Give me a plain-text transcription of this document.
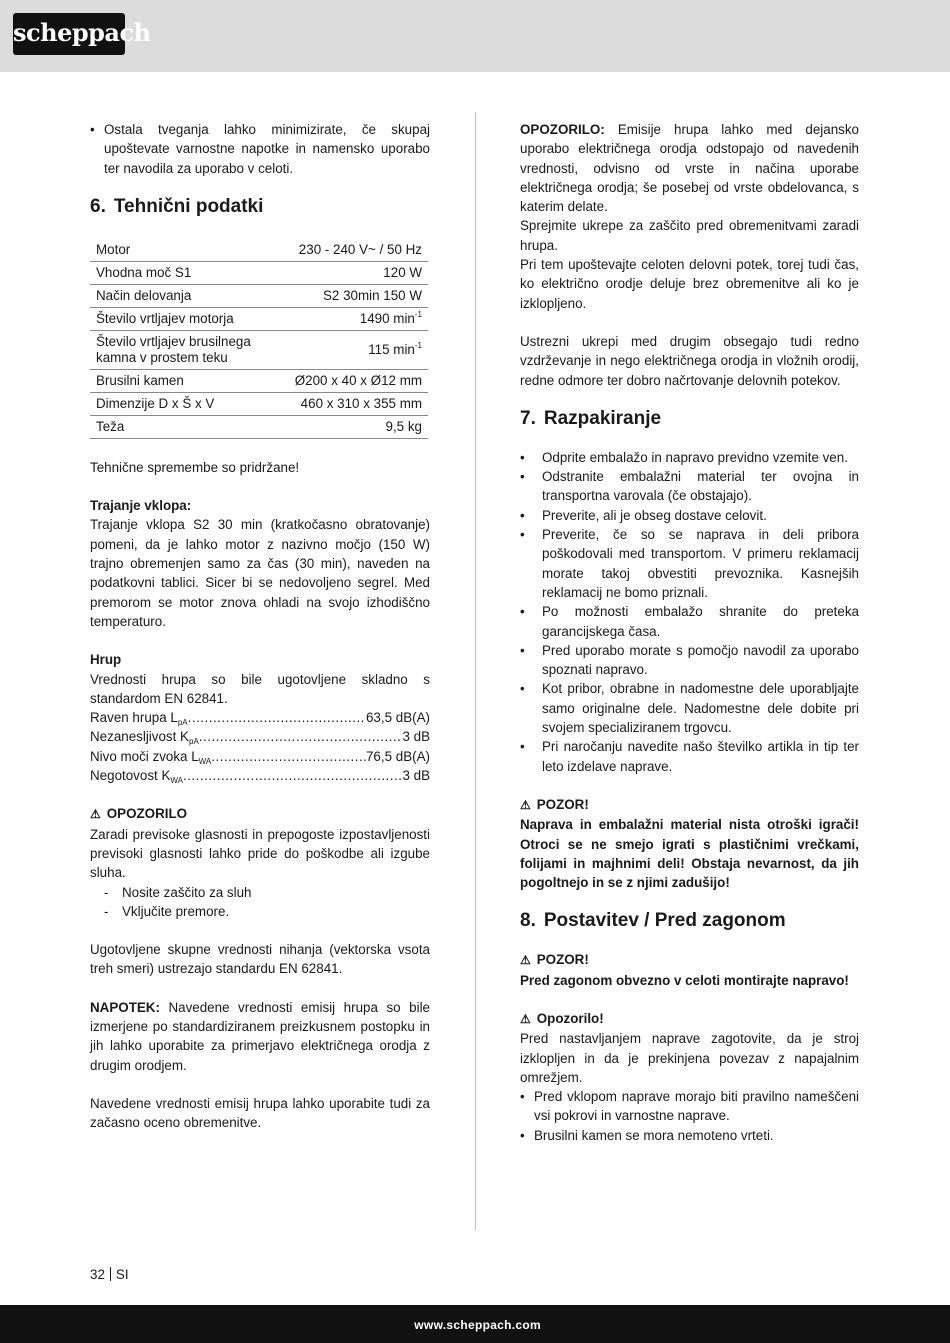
scheppach
• Ostala tveganja lahko minimizirate, če skupaj upoštevate varnostne napotke in namensko uporabo ter navodila za uporabo v celoti.
6. Tehnični podatki
Motor	230 - 240 V~ / 50 Hz
Vhodna moč S1	120 W
Način delovanja	S2 30min 150 W
Število vrtljajev motorja	1490 $\min^{-1}$
Število vrtljajev brusilnega kamna v prostem teku	115 $\min^{-1}$
Brusilni kamen	Ø200 x 40 x Ø12 mm
Dimenzije D x Š x V	460 x 310 x 355 mm
Teža	9,5 kg

Tehnične spremembe so pridržane!

Trajanje vklopa:

Trajanje vklopa S2 30 min (kratkočasno obratovanje) pomeni, da je lahko motor z nazivno močjo (150 W) trajno obremenjen samo za čas (30 min), naveden na podatkovni tablici. Sicer bi se nedovoljeno segrel. Med premorom se motor znova ohladi na svojo izhodiščno temperaturo.

Hrup

Vrednosti hrupa so bile ugotovljene skladno s standardom EN 62841.

Raven hrupa $L_{pA}$ .....	63,5 dB(A)
Nezanesljivost $K_{pA}$ .....	3 dB
Nivo moči zvoka $L_{WA}$ .....	76,5 dB(A)
Negotovost $K_{WA}$ .....	3 dB

⚠ OPOZORILO

Zaradi previsoke glasnosti in prepogoste izpostavljenosti previsoki glasnosti lahko pride do poškodbe ali izgube sluha.

- Nosite zaščito za sluh
- Vključite premore.

Ugotovljene skupne vrednosti nihanja (vektorska vsota treh smeri) ustrezajo standardu EN 62841.

NAPOTEK: Navedene vrednosti emisij hrupa so bile izmerjene po standardiziranem preizkusnem postopku in jih lahko uporabite za primerjavo električnega orodja z drugim orodjem.

Navedene vrednosti emisij hrupa lahko uporabite tudi za začasno oceno obremenitve.

OPOZORILO: Emisije hrupa lahko med dejansko uporabo električnega orodja odstopajo od navedenih vrednosti, odvisno od vrste in načina uporabe električnega orodja; še posebej od vrste obdelovanca, s katerim delate.

Sprejmite ukrepe za zaščito pred obremenitvami zaradi hrupa.

Pri tem upoštevajte celoten delovni potek, torej tudi čas, ko električno orodje deluje brez obremenitve ali ko je izklopljeno.

Ustrezni ukrepi med drugim obsegajo tudi redno vzdrževanje in nego električnega orodja in vložnih orodij, redne odmore ter dobro načrtovanje delovnih potekov.

7. Razpakiranje
• Odprite embalažo in napravo previdno vzemite ven.
• Odstranite embalažni material ter ovojna in transportna varovala (če obstajajo).
• Preverite, ali je obseg dostave celovit.
• Preverite, če so se naprava in deli pribora poškodovali med transportom. V primeru reklamacij morate takoj obvestiti prevoznika. Kasnejših reklamacij ne bomo priznali.
• Po možnosti embalažo shranite do preteka garancijskega časa.
• Pred uporabo morate s pomočjo navodil za uporabo spoznati napravo.
• Kot pribor, obrabne in nadomestne dele uporabljajte samo originalne dele. Nadomestne dele dobite pri svojem specializiranem trgovcu.
• Pri naročanju navedite našo številko artikla in tip ter leto izdelave naprave.

⚠ POZOR!

Naprava in embalažni material nista otroški igrači! Otroci se ne smejo igrati s plastičnimi vrečkami, folijami in majhnimi deli! Obstaja nevarnost, da jih pogoltnejo in se z njimi zadušijo!

8. Postavitev / Pred zagonom

⚠ POZOR!

Pred zagonom obvezno v celoti montirajte napravo!

⚠ Opozorilo!

Pred nastavljanjem naprave zagotovite, da je stroj izklopljen in da je prekinjena povezav z napajalnim omrežjem.

• Pred vklopom naprave morajo biti pravilno nameščeni vsi pokrovi in varnostne naprave.
• Brusilni kamen se mora nemoteno vrteti.
32 SI
www.scheppach.com
